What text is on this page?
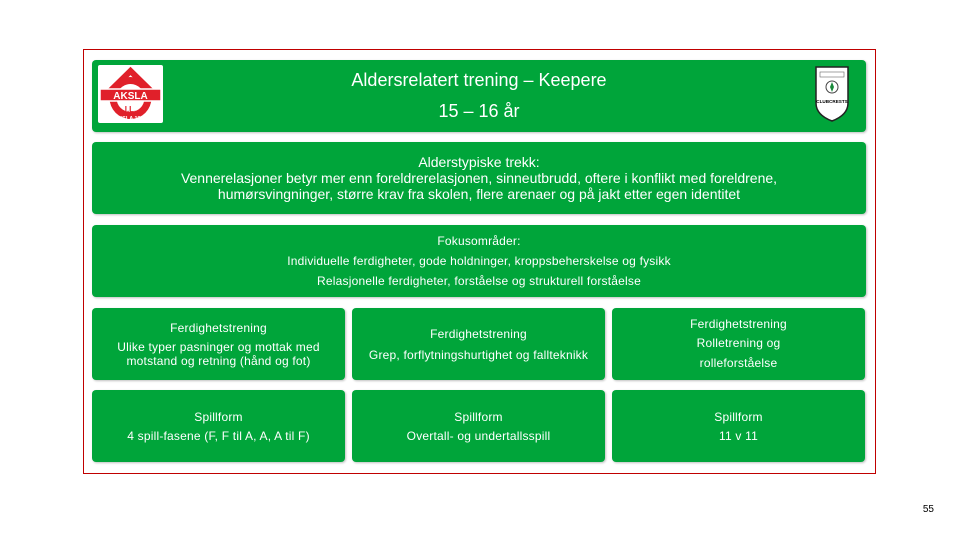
Aldersrelatert trening – Keepere
15 – 16 år
AKSLA
I.L.
AKSLA 1925
CLUBCRESTS
Alderstypiske trekk:
Vennerelasjoner betyr mer enn foreldrerelasjonen, sinneutbrudd, oftere i konflikt med foreldrene,
humørsvingninger, større krav fra skolen, flere arenaer og på jakt etter egen identitet
Fokusområder:
Individuelle ferdigheter, gode holdninger, kroppsbeherskelse og fysikk
Relasjonelle ferdigheter, forståelse og strukturell forståelse
Ferdighetstrening
Ulike typer pasninger og mottak med
motstand og retning (hånd og fot)
Ferdighetstrening
Grep, forflytningshurtighet og fallteknikk
Ferdighetstrening
Rolletrening og
rolleforståelse
Spillform
4 spill-fasene (F, F til A, A, A til F)
Spillform
Overtall- og undertallsspill
Spillform
11 v 11
55
